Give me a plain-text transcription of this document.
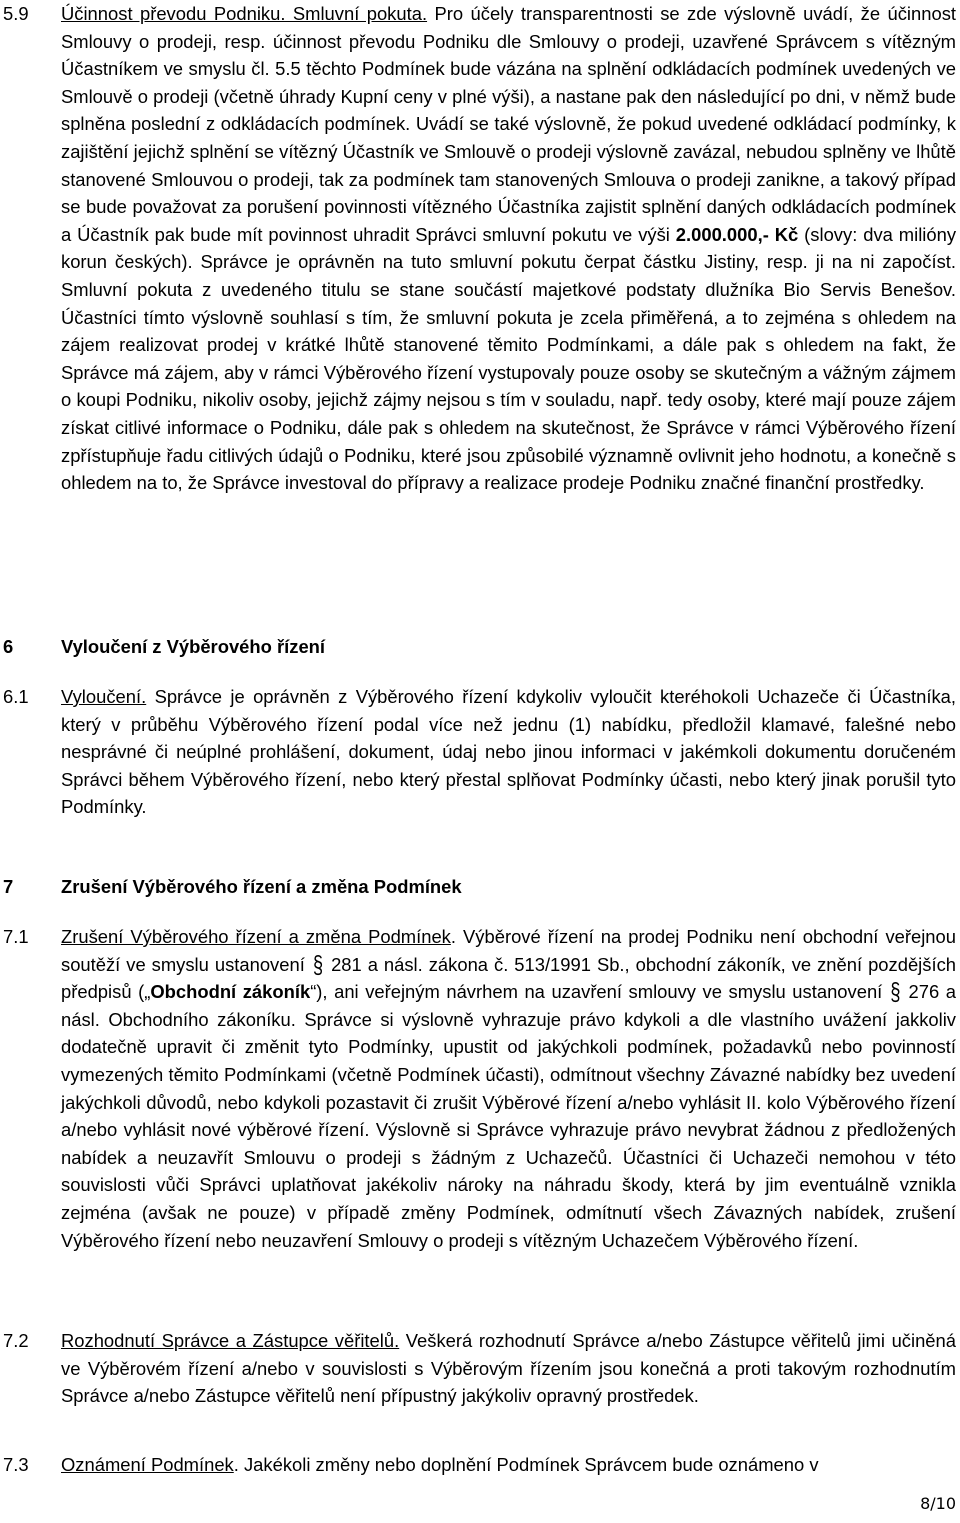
5.9 Účinnost převodu Podniku. Smluvní pokuta. Pro účely transparentnosti se zde výslovně uvádí, že účinnost Smlouvy o prodeji, resp. účinnost převodu Podniku dle Smlouvy o prodeji, uzavřené Správcem s vítězným Účastníkem ve smyslu čl. 5.5 těchto Podmínek bude vázána na splnění odkládacích podmínek uvedených ve Smlouvě o prodeji (včetně úhrady Kupní ceny v plné výši), a nastane pak den následující po dni, v němž bude splněna poslední z odkládacích podmínek. Uvádí se také výslovně, že pokud uvedené odkládací podmínky, k zajištění jejichž splnění se vítězný Účastník ve Smlouvě o prodeji výslovně zavázal, nebudou splněny ve lhůtě stanovené Smlouvou o prodeji, tak za podmínek tam stanovených Smlouva o prodeji zanikne, a takový případ se bude považovat za porušení povinnosti vítězného Účastníka zajistit splnění daných odkládacích podmínek a Účastník pak bude mít povinnost uhradit Správci smluvní pokutu ve výši 2.000.000,- Kč (slovy: dva milióny korun českých). Správce je oprávněn na tuto smluvní pokutu čerpat částku Jistiny, resp. ji na ni započíst. Smluvní pokuta z uvedeného titulu se stane součástí majetkové podstaty dlužníka Bio Servis Benešov. Účastníci tímto výslovně souhlasí s tím, že smluvní pokuta je zcela přiměřená, a to zejména s ohledem na zájem realizovat prodej v krátké lhůtě stanovené těmito Podmínkami, a dále pak s ohledem na fakt, že Správce má zájem, aby v rámci Výběrového řízení vystupovaly pouze osoby se skutečným a vážným zájmem o koupi Podniku, nikoliv osoby, jejichž zájmy nejsou s tím v souladu, např. tedy osoby, které mají pouze zájem získat citlivé informace o Podniku, dále pak s ohledem na skutečnost, že Správce v rámci Výběrového řízení zpřístupňuje řadu citlivých údajů o Podniku, které jsou způsobilé významně ovlivnit jeho hodnotu, a konečně s ohledem na to, že Správce investoval do přípravy a realizace prodeje Podniku značné finanční prostředky.
6	Vyloučení z Výběrového řízení
6.1 Vyloučení. Správce je oprávněn z Výběrového řízení kdykoliv vyloučit kteréhokoli Uchazeče či Účastníka, který v průběhu Výběrového řízení podal více než jednu (1) nabídku, předložil klamavé, falešné nebo nesprávné či neúplné prohlášení, dokument, údaj nebo jinou informaci v jakémkoli dokumentu doručeném Správci během Výběrového řízení, nebo který přestal splňovat Podmínky účasti, nebo který jinak porušil tyto Podmínky.
7	Zrušení Výběrového řízení a změna Podmínek
7.1 Zrušení Výběrového řízení a změna Podmínek. Výběrové řízení na prodej Podniku není obchodní veřejnou soutěží ve smyslu ustanovení § 281 a násl. zákona č. 513/1991 Sb., obchodní zákoník, ve znění pozdějších předpisů („Obchodní zákoník“), ani veřejným návrhem na uzavření smlouvy ve smyslu ustanovení § 276 a násl. Obchodního zákoníku. Správce si výslovně vyhrazuje právo kdykoli a dle vlastního uvážení jakkoliv dodatečně upravit či změnit tyto Podmínky, upustit od jakýchkoli podmínek, požadavků nebo povinností vymezených těmito Podmínkami (včetně Podmínek účasti), odmítnout všechny Závazné nabídky bez uvedení jakýchkoli důvodů, nebo kdykoli pozastavit či zrušit Výběrové řízení a/nebo vyhlásit II. kolo Výběrového řízení a/nebo vyhlásit nové výběrové řízení. Výslovně si Správce vyhrazuje právo nevybrat žádnou z předložených nabídek a neuzavřít Smlouvu o prodeji s žádným z Uchazečů. Účastníci či Uchazeči nemohou v této souvislosti vůči Správci uplatňovat jakékoliv nároky na náhradu škody, která by jim eventuálně vznikla zejména (avšak ne pouze) v případě změny Podmínek, odmítnutí všech Závazných nabídek, zrušení Výběrového řízení nebo neuzavření Smlouvy o prodeji s vítězným Uchazečem Výběrového řízení.
7.2 Rozhodnutí Správce a Zástupce věřitelů. Veškerá rozhodnutí Správce a/nebo Zástupce věřitelů jimi učiněná ve Výběrovém řízení a/nebo v souvislosti s Výběrovým řízením jsou konečná a proti takovým rozhodnutím Správce a/nebo Zástupce věřitelů není přípustný jakýkoliv opravný prostředek.
7.3 Oznámení Podmínek. Jakékoli změny nebo doplnění Podmínek Správcem bude oznámeno v
8/10
